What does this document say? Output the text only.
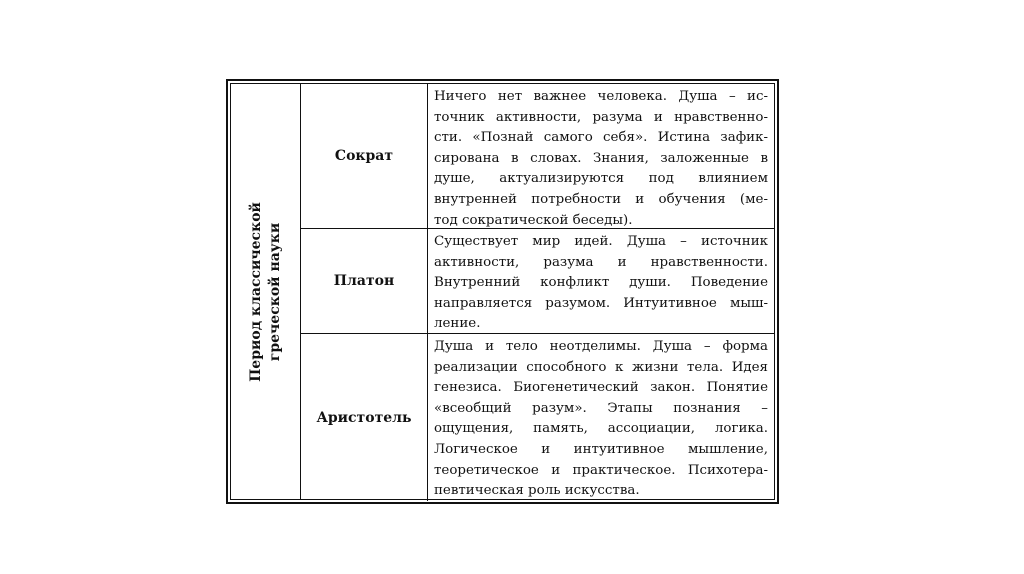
Период классической греческой науки
Сократ
Ничего нет важнее человека. Душа – ис-
точник активности, разума и нравственно-
сти. «Познай самого себя». Истина зафик-
сирована в словах. Знания, заложенные в
душе, актуализируются под влиянием
внутренней потребности и обучения (ме-
тод сократической беседы).
Платон
Существует мир идей. Душа – источник
активности, разума и нравственности.
Внутренний конфликт души. Поведение
направляется разумом. Интуитивное мыш-
ление.
Аристотель
Душа и тело неотделимы. Душа – форма
реализации способного к жизни тела. Идея
генезиса. Биогенетический закон. Понятие
«всеобщий разум». Этапы познания –
ощущения, память, ассоциации, логика.
Логическое и интуитивное мышление,
теоретическое и практическое. Психотера-
певтическая роль искусства.
